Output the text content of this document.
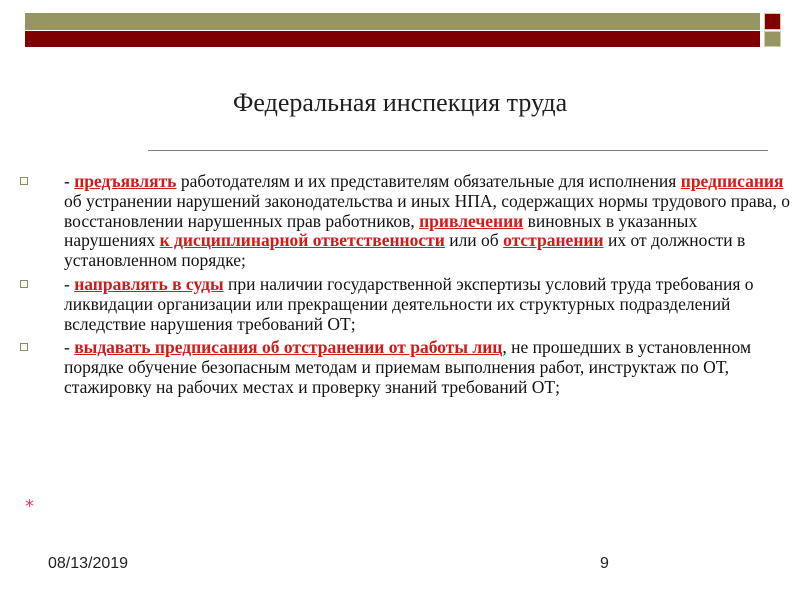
Федеральная инспекция труда
- предъявлять работодателям и их представителям обязательные для исполнения предписания об устранении нарушений законодательства и иных НПА, содержащих нормы трудового права, о восстановлении нарушенных прав работников, привлечении виновных в указанных нарушениях к дисциплинарной ответственности или об отстранении их от должности в установленном порядке;
- направлять в суды при наличии государственной экспертизы условий труда требования о ликвидации организации или прекращении деятельности их структурных подразделений вследствие нарушения требований ОТ;
- выдавать предписания об отстранении от работы лиц, не прошедших в установленном порядке обучение безопасным методам и приемам выполнения работ, инструктаж по ОТ, стажировку на рабочих местах и проверку знаний требований ОТ;
*
08/13/2019	9
